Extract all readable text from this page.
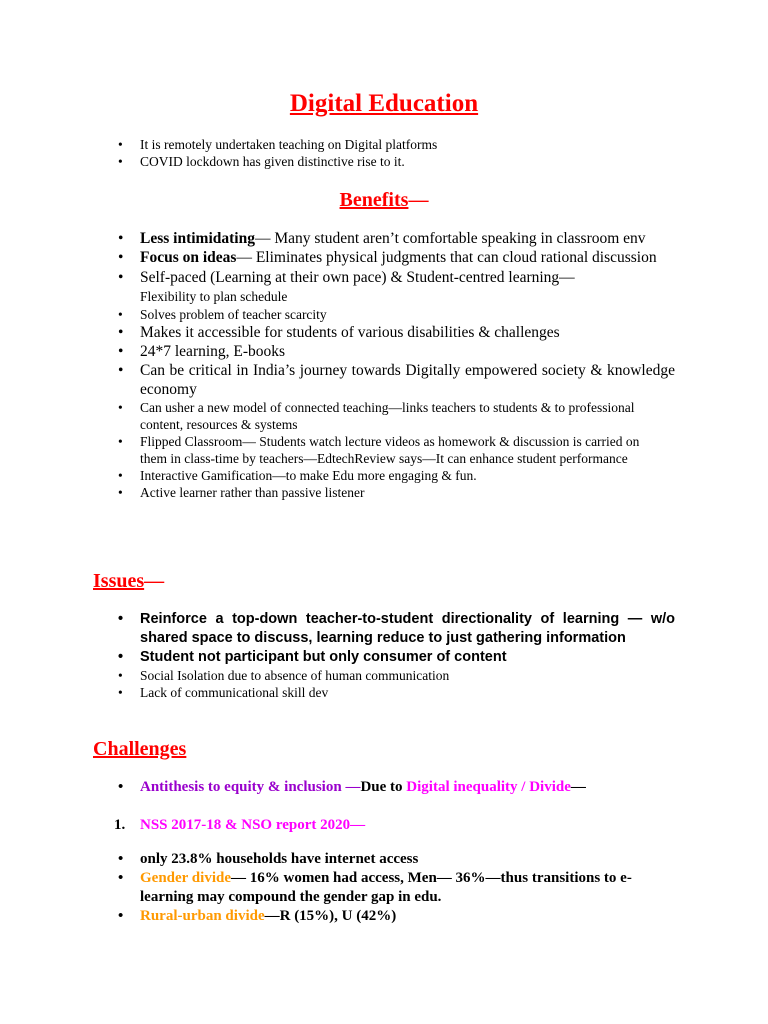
Digital Education
• It is remotely undertaken teaching on Digital platforms
• COVID lockdown has given distinctive rise to it.
Benefits—
• Less intimidating— Many student aren’t comfortable speaking in classroom env
• Focus on ideas— Eliminates physical judgments that can cloud rational discussion
• Self-paced (Learning at their own pace) & Student-centred learning—
Flexibility to plan schedule
• Solves problem of teacher scarcity
• Makes it accessible for students of various disabilities & challenges
• 24*7 learning, E-books
• Can be critical in India’s journey towards Digitally empowered society & knowledge economy
• Can usher a new model of connected teaching—links teachers to students & to professional content, resources & systems
• Flipped Classroom— Students watch lecture videos as homework & discussion is carried on them in class-time by teachers—EdtechReview says—It can enhance student performance
• Interactive Gamification—to make Edu more engaging & fun.
• Active learner rather than passive listener
Issues—
• Reinforce a top-down teacher-to-student directionality of learning — w/o shared space to discuss, learning reduce to just gathering information
• Student not participant but only consumer of content
• Social Isolation due to absence of human communication
• Lack of communicational skill dev
Challenges
• Antithesis to equity & inclusion —Due to Digital inequality / Divide—
1. NSS 2017-18 & NSO report 2020—
• only 23.8% households have internet access
• Gender divide— 16% women had access, Men— 36%—thus transitions to e-learning may compound the gender gap in edu.
• Rural-urban divide—R (15%), U (42%)
